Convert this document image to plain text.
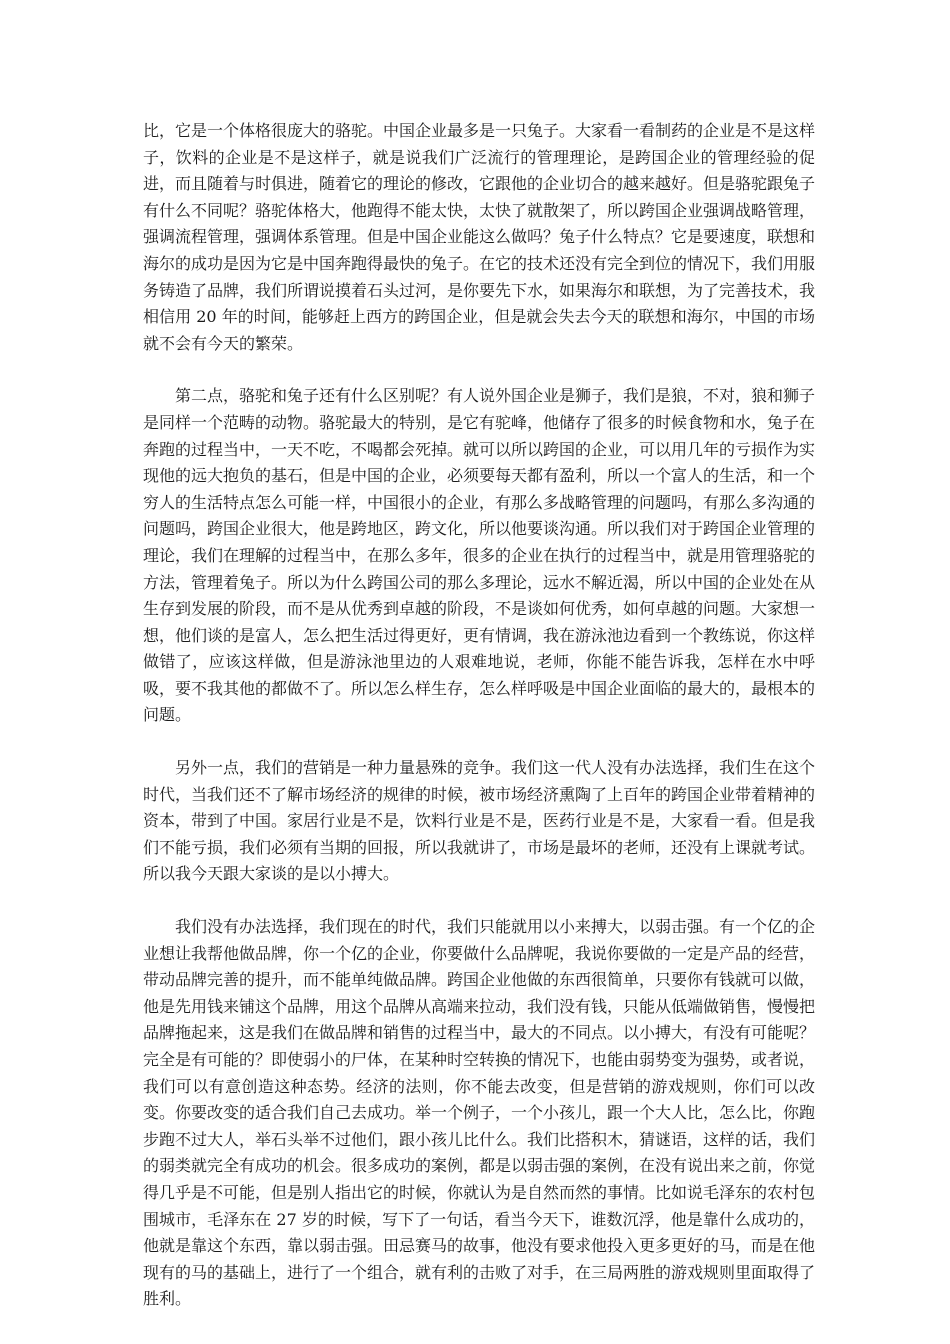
比，它是一个体格很庞大的骆驼。中国企业最多是一只兔子。大家看一看制药的企业是不是这样子，饮料的企业是不是这样子，就是说我们广泛流行的管理理论，是跨国企业的管理经验的促进，而且随着与时俱进，随着它的理论的修改，它跟他的企业切合的越来越好。但是骆驼跟兔子有什么不同呢？骆驼体格大，他跑得不能太快，太快了就散架了，所以跨国企业强调战略管理，强调流程管理，强调体系管理。但是中国企业能这么做吗？兔子什么特点？它是要速度，联想和海尔的成功是因为它是中国奔跑得最快的兔子。在它的技术还没有完全到位的情况下，我们用服务铸造了品牌，我们所谓说摸着石头过河，是你要先下水，如果海尔和联想，为了完善技术，我相信用 20 年的时间，能够赶上西方的跨国企业，但是就会失去今天的联想和海尔，中国的市场就不会有今天的繁荣。

第二点，骆驼和兔子还有什么区别呢？有人说外国企业是狮子，我们是狼，不对，狼和狮子是同样一个范畴的动物。骆驼最大的特别，是它有驼峰，他储存了很多的时候食物和水，兔子在奔跑的过程当中，一天不吃，不喝都会死掉。就可以所以跨国的企业，可以用几年的亏损作为实现他的远大抱负的基石，但是中国的企业，必须要每天都有盈利，所以一个富人的生活，和一个穷人的生活特点怎么可能一样，中国很小的企业，有那么多战略管理的问题吗，有那么多沟通的问题吗，跨国企业很大，他是跨地区，跨文化，所以他要谈沟通。所以我们对于跨国企业管理的理论，我们在理解的过程当中，在那么多年，很多的企业在执行的过程当中，就是用管理骆驼的方法，管理着兔子。所以为什么跨国公司的那么多理论，远水不解近渴，所以中国的企业处在从生存到发展的阶段，而不是从优秀到卓越的阶段，不是谈如何优秀，如何卓越的问题。大家想一想，他们谈的是富人，怎么把生活过得更好，更有情调，我在游泳池边看到一个教练说，你这样做错了，应该这样做，但是游泳池里边的人艰难地说，老师，你能不能告诉我，怎样在水中呼吸，要不我其他的都做不了。所以怎么样生存，怎么样呼吸是中国企业面临的最大的，最根本的问题。

另外一点，我们的营销是一种力量悬殊的竞争。我们这一代人没有办法选择，我们生在这个时代，当我们还不了解市场经济的规律的时候，被市场经济熏陶了上百年的跨国企业带着精神的资本，带到了中国。家居行业是不是，饮料行业是不是，医药行业是不是，大家看一看。但是我们不能亏损，我们必须有当期的回报，所以我就讲了，市场是最坏的老师，还没有上课就考试。所以我今天跟大家谈的是以小搏大。

我们没有办法选择，我们现在的时代，我们只能就用以小来搏大，以弱击强。有一个亿的企业想让我帮他做品牌，你一个亿的企业，你要做什么品牌呢，我说你要做的一定是产品的经营，带动品牌完善的提升，而不能单纯做品牌。跨国企业他做的东西很简单，只要你有钱就可以做，他是先用钱来铺这个品牌，用这个品牌从高端来拉动，我们没有钱，只能从低端做销售，慢慢把品牌拖起来，这是我们在做品牌和销售的过程当中，最大的不同点。以小搏大，有没有可能呢？完全是有可能的？即使弱小的尸体，在某种时空转换的情况下，也能由弱势变为强势，或者说，我们可以有意创造这种态势。经济的法则，你不能去改变，但是营销的游戏规则，你们可以改变。你要改变的适合我们自己去成功。举一个例子，一个小孩儿，跟一个大人比，怎么比，你跑步跑不过大人，举石头举不过他们，跟小孩儿比什么。我们比搭积木，猜谜语，这样的话，我们的弱类就完全有成功的机会。很多成功的案例，都是以弱击强的案例，在没有说出来之前，你觉得几乎是不可能，但是别人指出它的时候，你就认为是自然而然的事情。比如说毛泽东的农村包围城市，毛泽东在 27 岁的时候，写下了一句话，看当今天下，谁数沉浮，他是靠什么成功的，他就是靠这个东西，靠以弱击强。田忌赛马的故事，他没有要求他投入更多更好的马，而是在他现有的马的基础上，进行了一个组合，就有利的击败了对手，在三局两胜的游戏规则里面取得了胜利。
